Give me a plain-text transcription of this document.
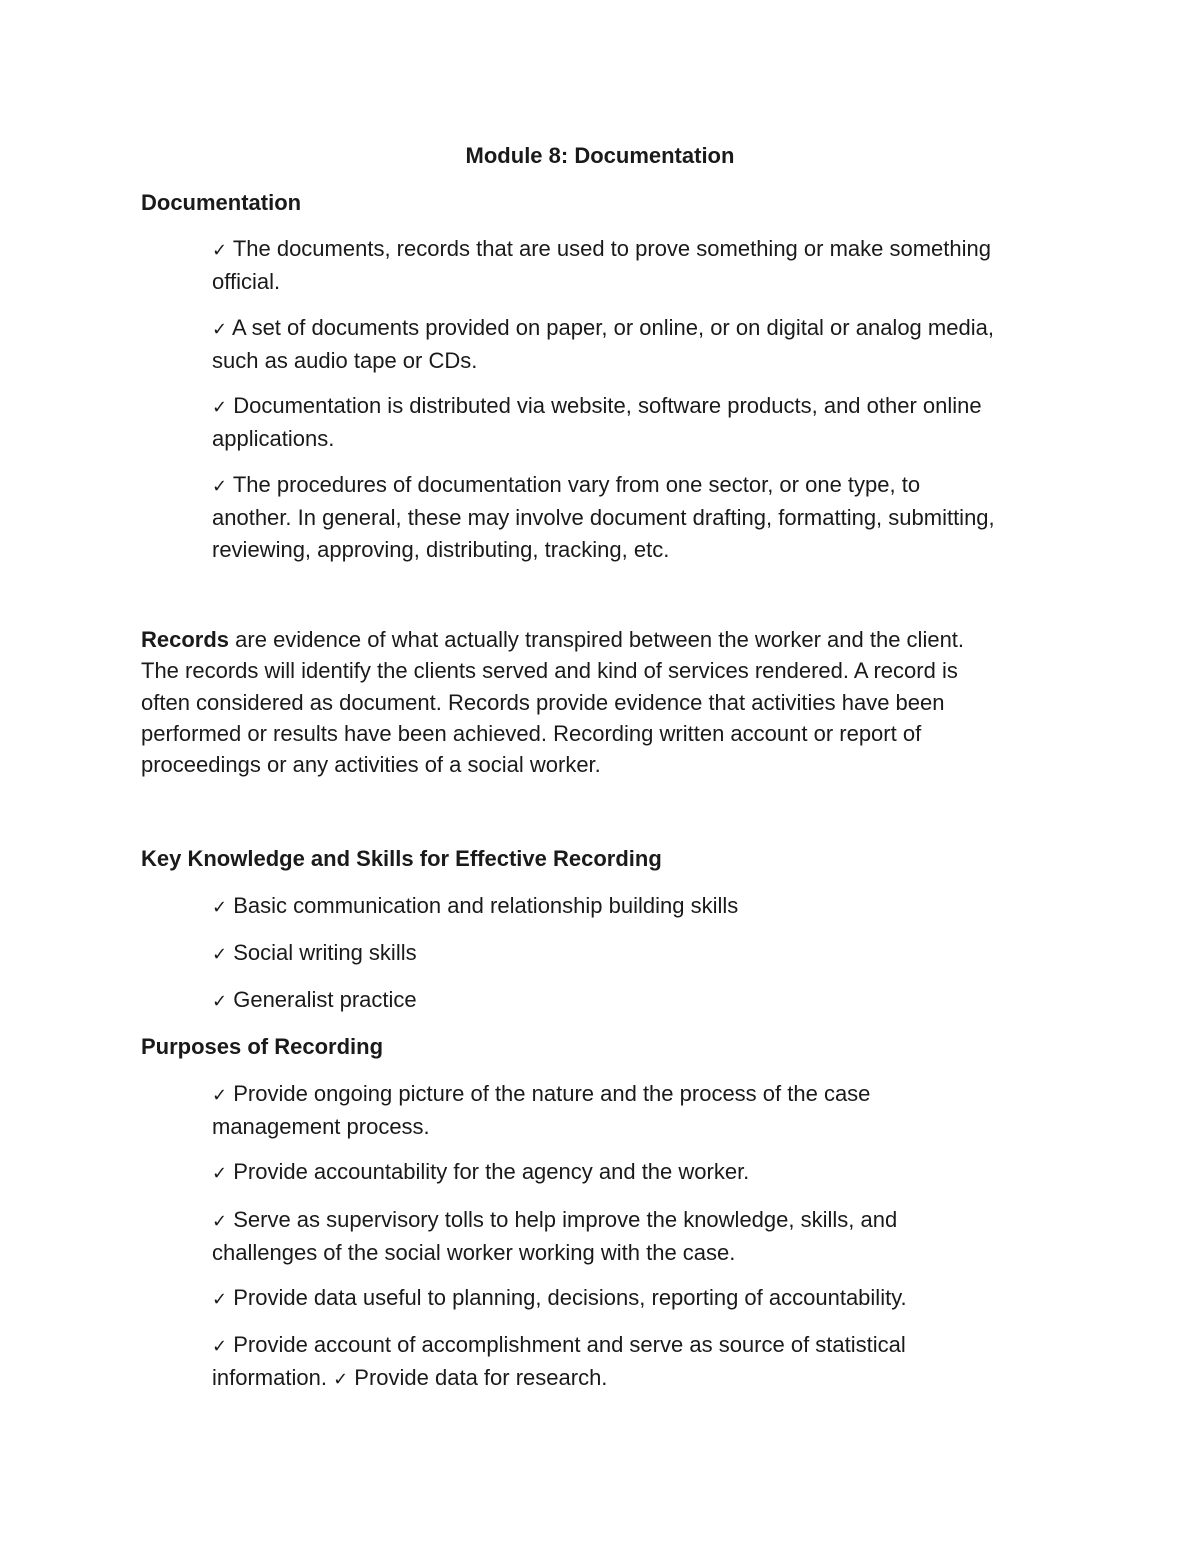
Module 8: Documentation
Documentation
✓ The documents, records that are used to prove something or make something
official.
✓ A set of documents provided on paper, or online, or on digital or analog media,
such as audio tape or CDs.
✓ Documentation is distributed via website, software products, and other online
applications.
✓ The procedures of documentation vary from one sector, or one type, to
another. In general, these may involve document drafting, formatting, submitting,
reviewing, approving, distributing, tracking, etc.
Records are evidence of what actually transpired between the worker and the client.
The records will identify the clients served and kind of services rendered. A record is
often considered as document. Records provide evidence that activities have been
performed or results have been achieved. Recording written account or report of
proceedings or any activities of a social worker.
Key Knowledge and Skills for Effective Recording
✓ Basic communication and relationship building skills
✓ Social writing skills
✓ Generalist practice
Purposes of Recording
✓ Provide ongoing picture of the nature and the process of the case
management process.
✓ Provide accountability for the agency and the worker.
✓ Serve as supervisory tolls to help improve the knowledge, skills, and
challenges of the social worker working with the case.
✓ Provide data useful to planning, decisions, reporting of accountability.
✓ Provide account of accomplishment and serve as source of statistical
information. ✓ Provide data for research.
